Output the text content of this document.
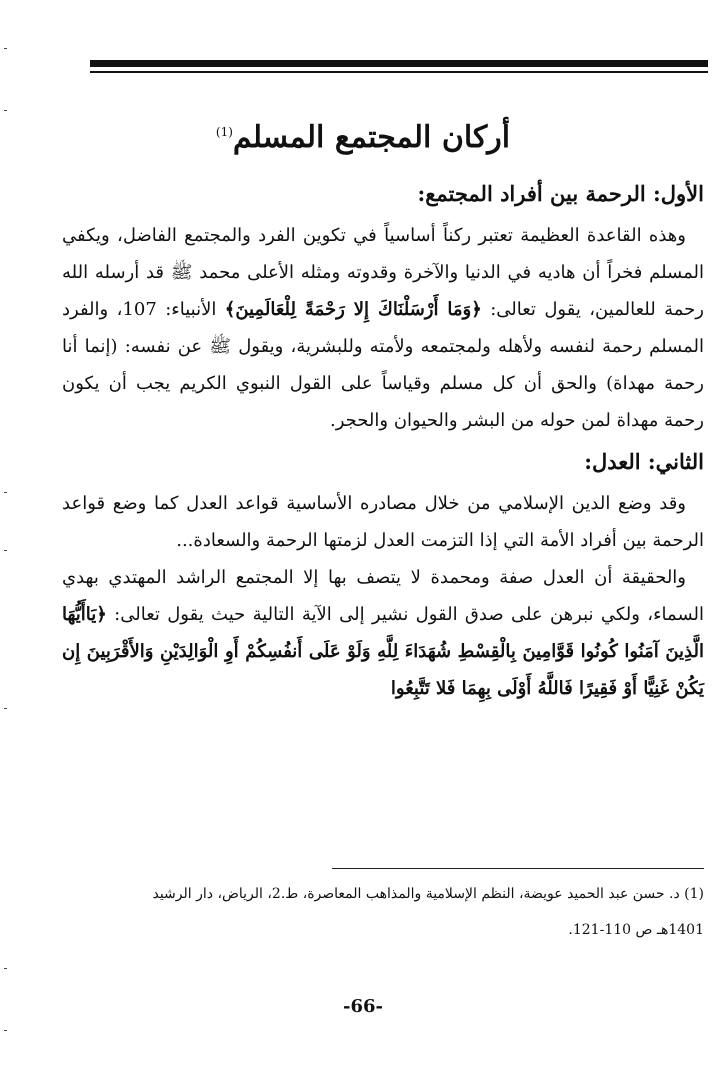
أركان المجتمع المسلم$^{(1)}$
الأول: الرحمة بين أفراد المجتمع:

وهذه القاعدة العظيمة تعتبر ركناً أساسياً في تكوين الفرد والمجتمع الفاضل، ويكفي المسلم فخراً أن هاديه في الدنيا والآخرة وقدوته ومثله الأعلى محمد ﷺ قد أرسله الله رحمة للعالمين، يقول تعالى: ﴿وَمَا أَرْسَلْنَاكَ إِلا رَحْمَةً لِلْعَالَمِينَ﴾ الأنبياء: 107، والفرد المسلم رحمة لنفسه ولأهله ولمجتمعه ولأمته وللبشرية، ويقول ﷺ عن نفسه: (إنما أنا رحمة مهداة) والحق أن كل مسلم وقياساً على القول النبوي الكريم يجب أن يكون رحمة مهداة لمن حوله من البشر والحيوان والحجر.

الثاني: العدل:

وقد وضع الدين الإسلامي من خلال مصادره الأساسية قواعد العدل كما وضع قواعد الرحمة بين أفراد الأمة التي إذا التزمت العدل لزمتها الرحمة والسعادة...

والحقيقة أن العدل صفة ومحمدة لا يتصف بها إلا المجتمع الراشد المهتدي بهدي السماء، ولكي نبرهن على صدق القول نشير إلى الآية التالية حيث يقول تعالى: ﴿يَاأَيُّهَا الَّذِينَ آمَنُوا كُونُوا قَوَّامِينَ بِالْقِسْطِ شُهَدَاءَ لِلَّهِ وَلَوْ عَلَى أَنفُسِكُمْ أَوِ الْوَالِدَيْنِ وَالأَقْرَبِينَ إِن يَكُنْ غَنِيًّا أَوْ فَقِيرًا فَاللَّهُ أَوْلَى بِهِمَا فَلا تَتَّبِعُوا

(1) د. حسن عبد الحميد عويضة، النظم الإسلامية والمذاهب المعاصرة، ط.2، الرياض، دار الرشيد
1401هـ ص 110-121.
-66-
